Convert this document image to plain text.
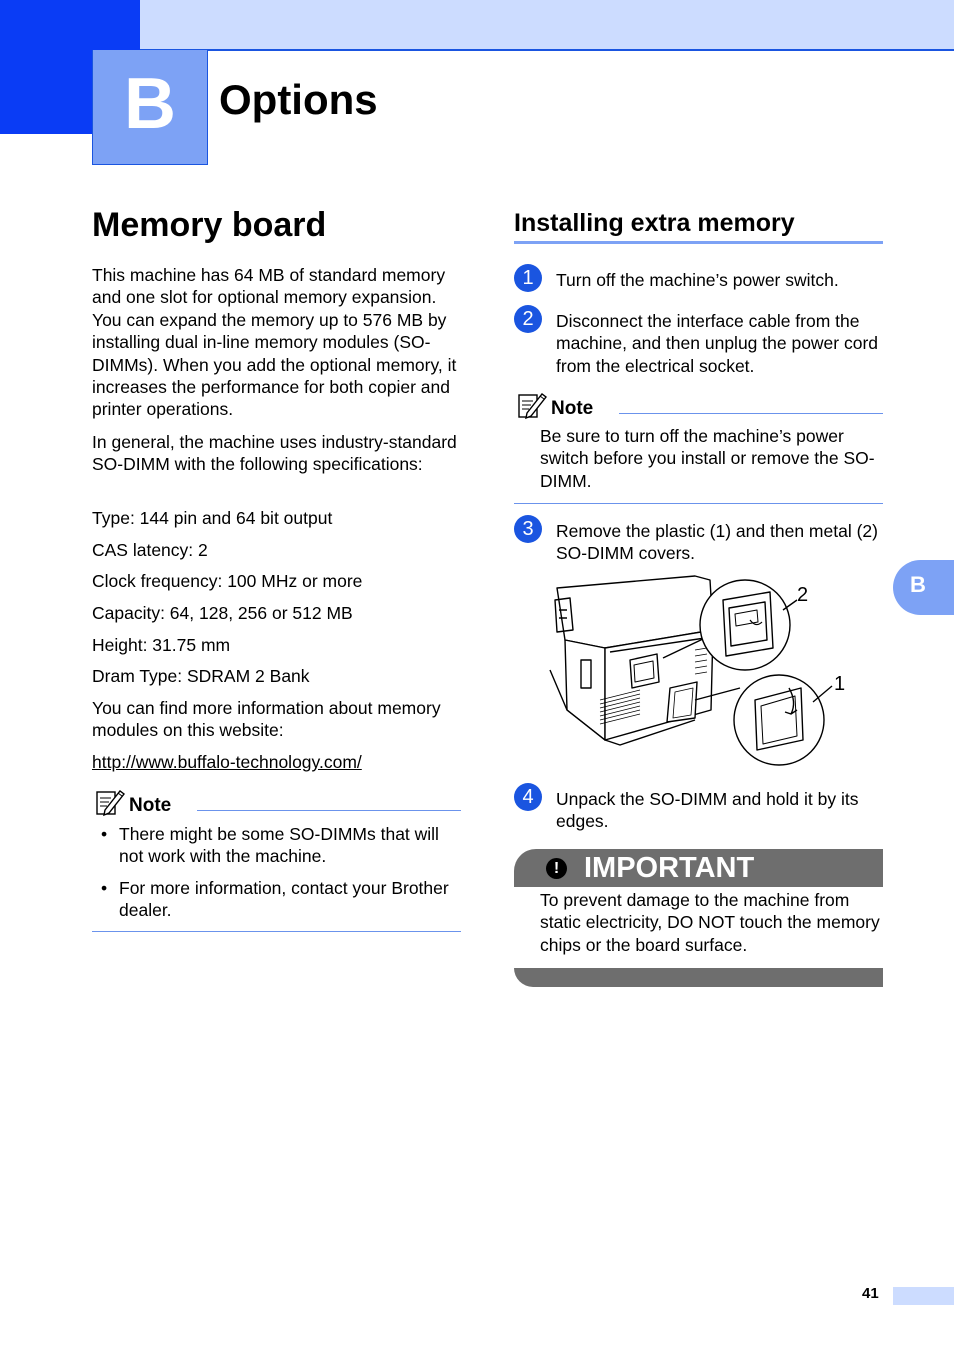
B	Options
Memory board

This machine has 64 MB of standard memory and one slot for optional memory expansion. You can expand the memory up to 576 MB by installing dual in-line memory modules (SO-DIMMs). When you add the optional memory, it increases the performance for both copier and printer operations.

In general, the machine uses industry-standard SO-DIMM with the following specifications:

Type: 144 pin and 64 bit output

CAS latency: 2

Clock frequency: 100 MHz or more

Capacity: 64, 128, 256 or 512 MB

Height: 31.75 mm

Dram Type: SDRAM 2 Bank

You can find more information about memory modules on this website:

http://www.buffalo-technology.com/
Note
• There might be some SO-DIMMs that will not work with the machine.
• For more information, contact your Brother dealer.
Installing extra memory
1	Turn off the machine’s power switch.

2	Disconnect the interface cable from the machine, and then unplug the power cord from the electrical socket.

Note

Be sure to turn off the machine’s power switch before you install or remove the SO-DIMM.

3	Remove the plastic (1) and then metal (2) SO-DIMM covers.

2
1
4	Unpack the SO-DIMM and hold it by its edges.

! IMPORTANT

To prevent damage to the machine from static electricity, DO NOT touch the memory chips or the board surface.

B
41
